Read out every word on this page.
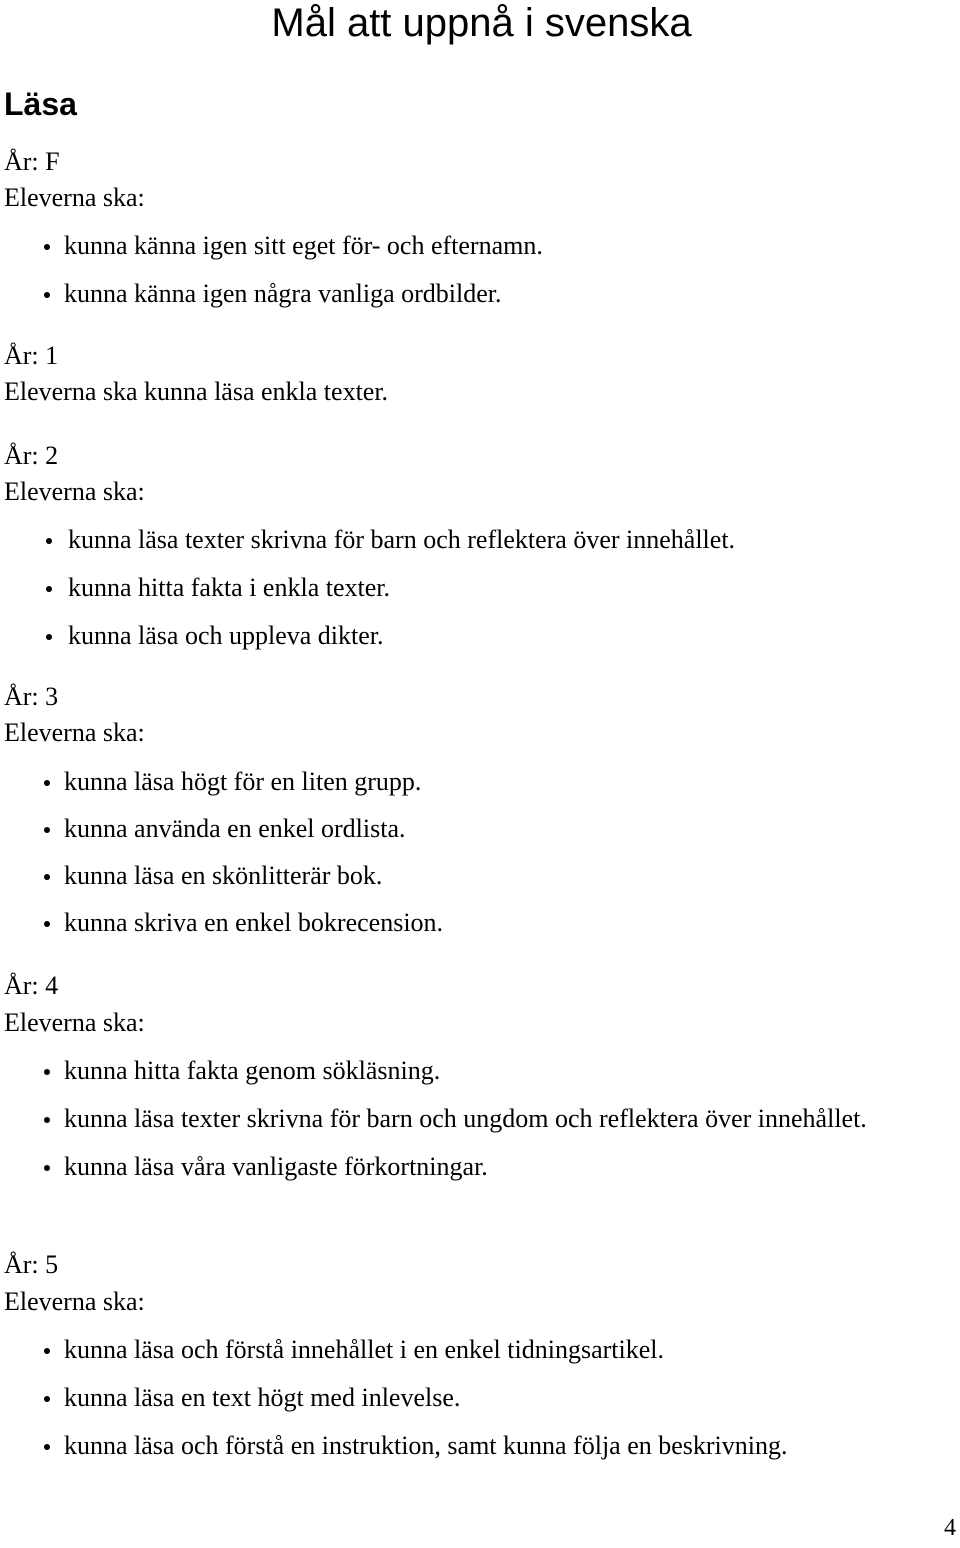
Mål att uppnå i svenska
Läsa
År: F
Eleverna ska:
kunna känna igen sitt eget för- och efternamn.
kunna känna igen några vanliga ordbilder.
År: 1
Eleverna ska kunna läsa enkla texter.
År: 2
Eleverna ska:
kunna läsa texter skrivna för barn och reflektera över innehållet.
kunna hitta fakta i enkla texter.
kunna läsa och uppleva dikter.
År: 3
Eleverna ska:
kunna läsa högt för en liten grupp.
kunna använda en enkel ordlista.
kunna läsa en skönlitterär bok.
kunna skriva en enkel bokrecension.
År: 4
Eleverna ska:
kunna hitta fakta genom sökläsning.
kunna läsa texter skrivna för barn och ungdom och reflektera över innehållet.
kunna läsa våra vanligaste förkortningar.
År: 5
Eleverna ska:
kunna läsa och förstå innehållet i en enkel tidningsartikel.
kunna läsa en text högt med inlevelse.
kunna läsa och förstå en instruktion, samt kunna följa en beskrivning.
4
